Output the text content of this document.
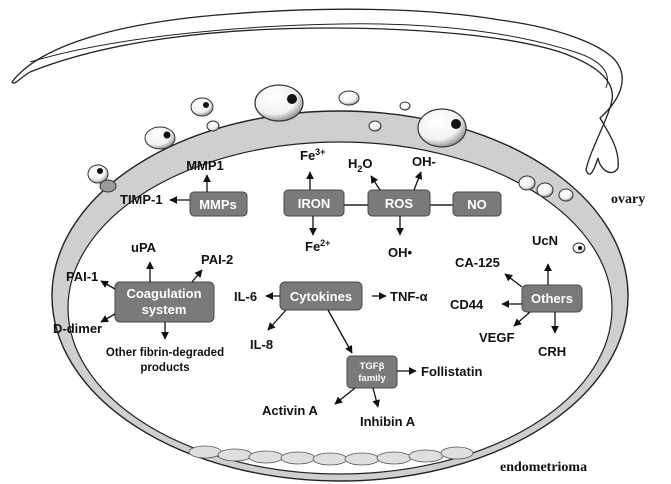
ovary
endometrioma
MMPs
MMP1
TIMP-1	IRON
$Fe^{3+}$
$Fe^{2+}$
ROS
$H_2O$	OH-
OH•
NO
Coagulation
system
uPA
PAI-2
PAI-1
D-dimer
Other fibrin-degraded
products
Cytokines
IL-6	TNF-α
IL-8
TGFβ
family	Follistatin
Activin A
Inhibin A
Others
UcN
CA-125
CD44
VEGF
CRH
